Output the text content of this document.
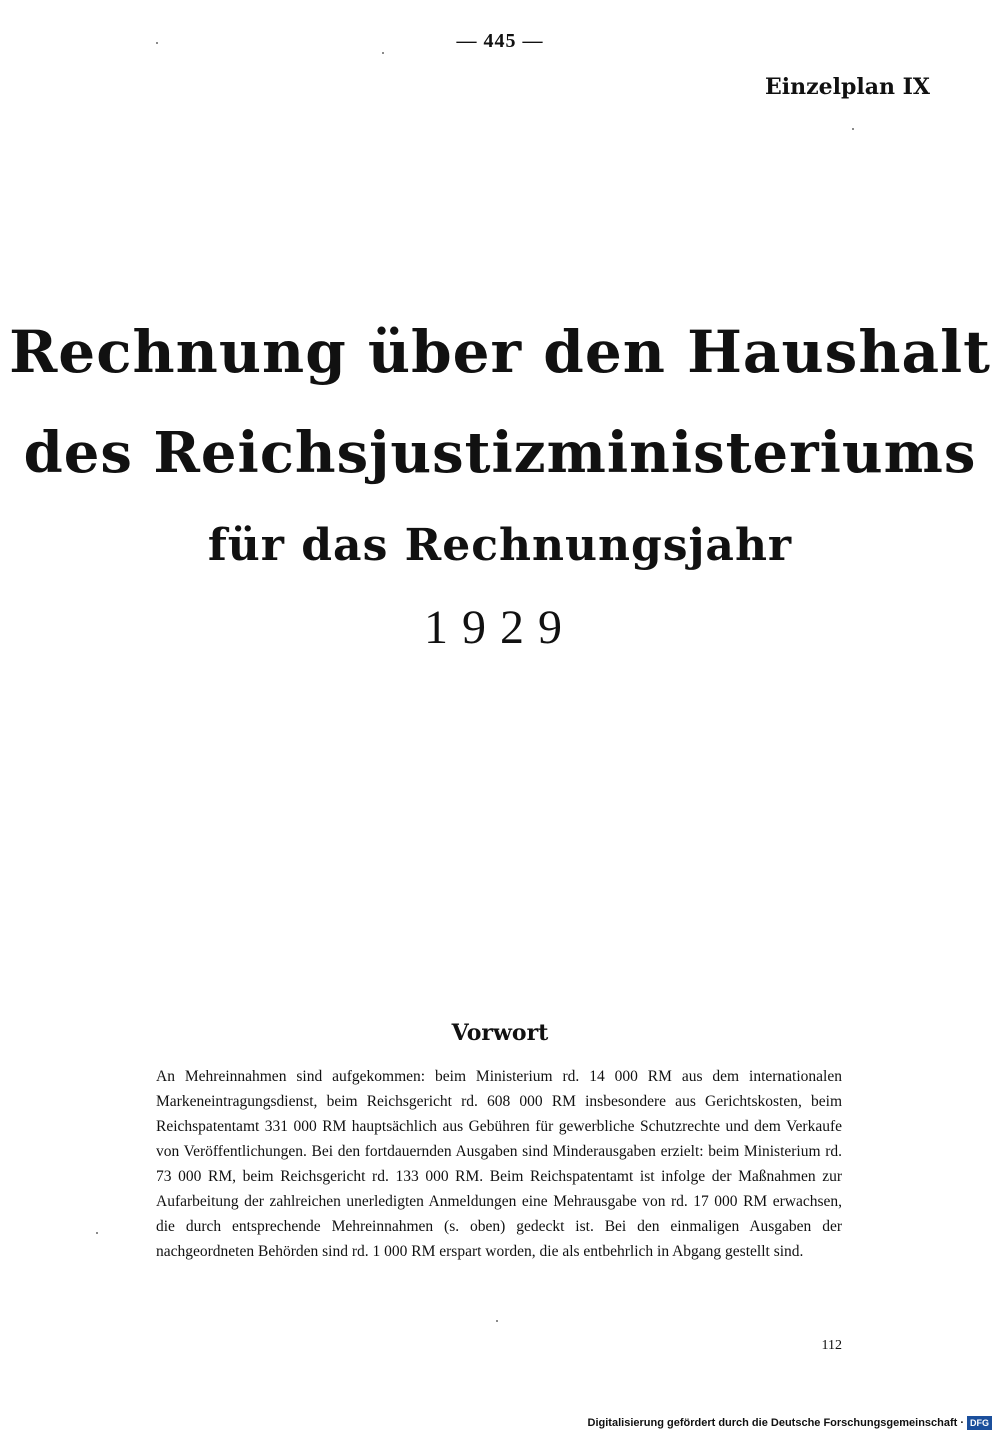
— 445 —
Einzelplan IX
Rechnung über den Haushalt
des Reichsjustizministeriums
für das Rechnungsjahr
1929
Vorwort

An Mehreinnahmen sind aufgekommen: beim Ministerium rd. 14 000 RM aus dem internationalen Markeneintragungsdienst, beim Reichsgericht rd. 608 000 RM insbesondere aus Gerichtskosten, beim Reichspatentamt 331 000 RM hauptsächlich aus Gebühren für gewerbliche Schutzrechte und dem Verkaufe von Veröffentlichungen. Bei den fortdauernden Ausgaben sind Minderausgaben erzielt: beim Ministerium rd. 73 000 RM, beim Reichsgericht rd. 133 000 RM. Beim Reichspatentamt ist infolge der Maßnahmen zur Aufarbeitung der zahlreichen unerledigten Anmeldungen eine Mehrausgabe von rd. 17 000 RM erwachsen, die durch entsprechende Mehreinnahmen (s. oben) gedeckt ist. Bei den einmaligen Ausgaben der nachgeordneten Behörden sind rd. 1 000 RM erspart worden, die als entbehrlich in Abgang gestellt sind.

112
Digitalisierung gefördert durch die Deutsche Forschungsgemeinschaft · DFG
